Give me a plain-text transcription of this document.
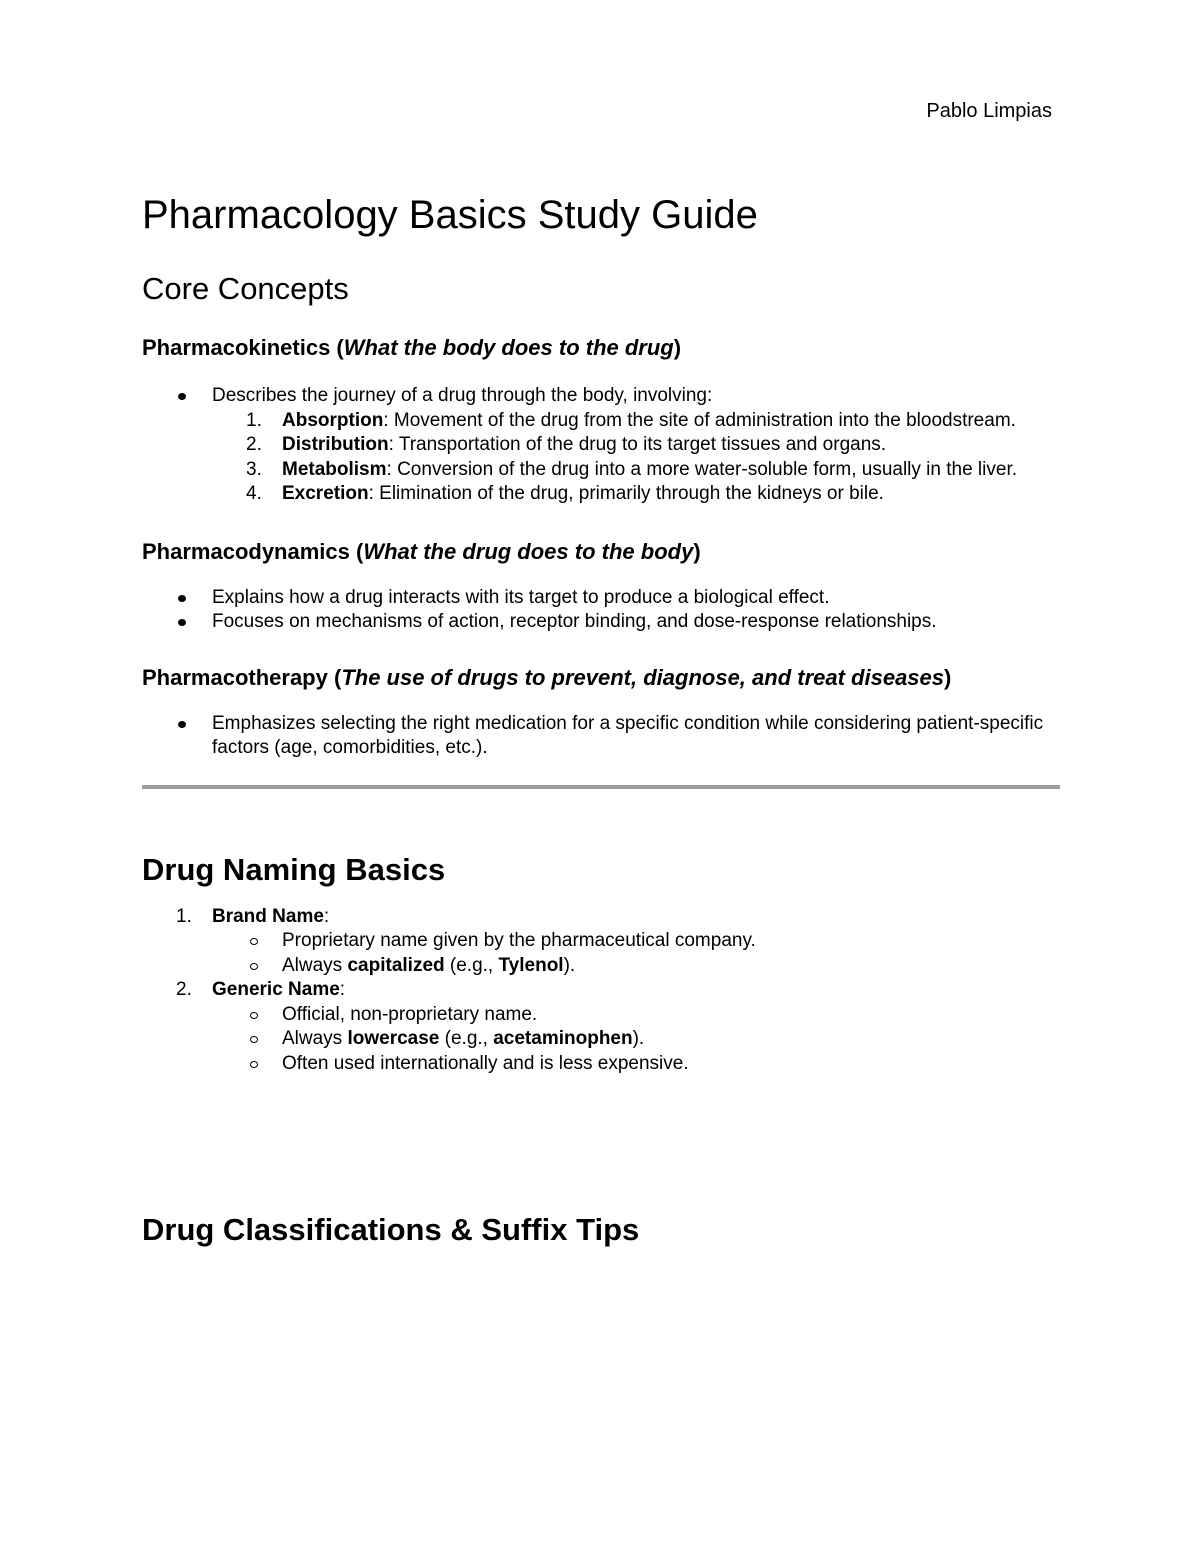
Pablo Limpias
Pharmacology Basics Study Guide
Core Concepts
Pharmacokinetics (What the body does to the drug)
Describes the journey of a drug through the body, involving:
1. Absorption: Movement of the drug from the site of administration into the bloodstream.
2. Distribution: Transportation of the drug to its target tissues and organs.
3. Metabolism: Conversion of the drug into a more water-soluble form, usually in the liver.
4. Excretion: Elimination of the drug, primarily through the kidneys or bile.
Pharmacodynamics (What the drug does to the body)
Explains how a drug interacts with its target to produce a biological effect.
Focuses on mechanisms of action, receptor binding, and dose-response relationships.
Pharmacotherapy (The use of drugs to prevent, diagnose, and treat diseases)
Emphasizes selecting the right medication for a specific condition while considering patient-specific factors (age, comorbidities, etc.).
Drug Naming Basics
1. Brand Name:
Proprietary name given by the pharmaceutical company.
Always capitalized (e.g., Tylenol).
2. Generic Name:
Official, non-proprietary name.
Always lowercase (e.g., acetaminophen).
Often used internationally and is less expensive.
Drug Classifications & Suffix Tips
